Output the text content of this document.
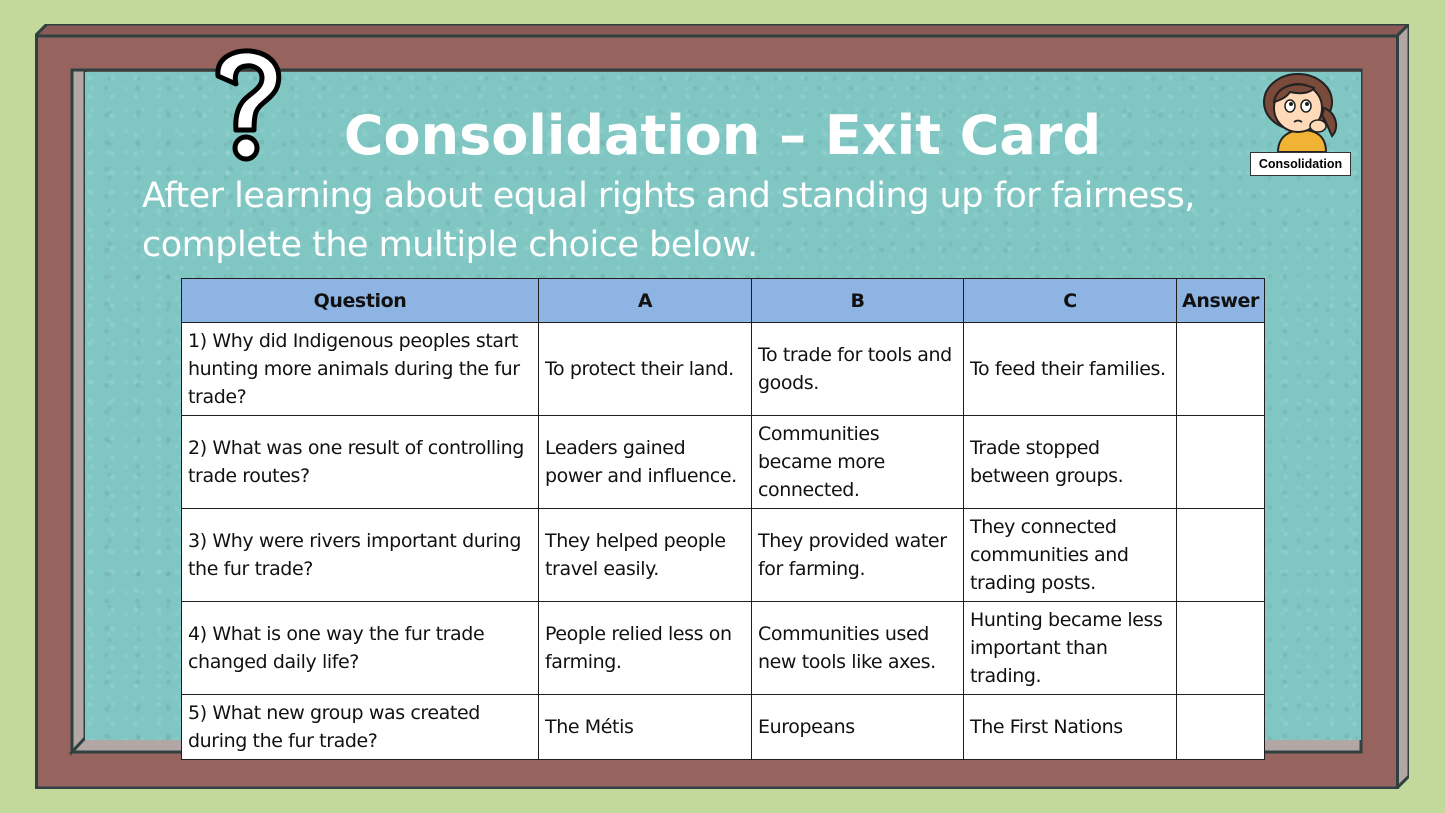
Consolidation – Exit Card

After learning about equal rights and standing up for fairness, complete the multiple choice below.

Consolidation
Question	A	B	C	Answer
1) Why did Indigenous peoples start hunting more animals during the fur trade?	To protect their land.	To trade for tools and goods.	To feed their families.	
2) What was one result of controlling trade routes?	Leaders gained power and influence.	Communities became more connected.	Trade stopped between groups.	
3) Why were rivers important during the fur trade?	They helped people travel easily.	They provided water for farming.	They connected communities and trading posts.	
4) What is one way the fur trade changed daily life?	People relied less on farming.	Communities used new tools like axes.	Hunting became less important than trading.	
5) What new group was created during the fur trade?	The Métis	Europeans	The First Nations	
